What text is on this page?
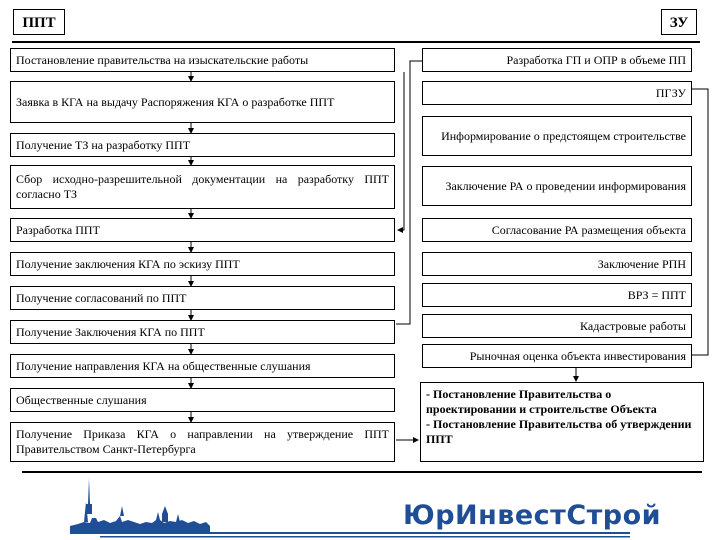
ППТ	ЗУ
Постановление правительства на изыскательские работы
Заявка в КГА на выдачу Распоряжения КГА о разработке ППТ
Получение ТЗ на разработку ППТ
Сбор исходно-разрешительной документации на разработку ППТ согласно ТЗ
Разработка ППТ
Получение заключения КГА по эскизу ППТ
Получение согласований по ППТ
Получение Заключения КГА по ППТ
Получение направления КГА на общественные слушания
Общественные слушания
Получение Приказа КГА о направлении на утверждение ППТ Правительством Санкт-Петербурга
Разработка ГП и ОПР в объеме ПП
ПГЗУ
Информирование о предстоящем строительстве
Заключение РА о проведении информирования
Согласование РА размещения объекта
Заключение РПН
ВРЗ = ППТ
Кадастровые работы
Рыночная оценка объекта инвестирования
- Постановление Правительства о проектировании и строительстве Объекта
- Постановление Правительства об утверждении ППТ
ЮрИнвестСтрой
